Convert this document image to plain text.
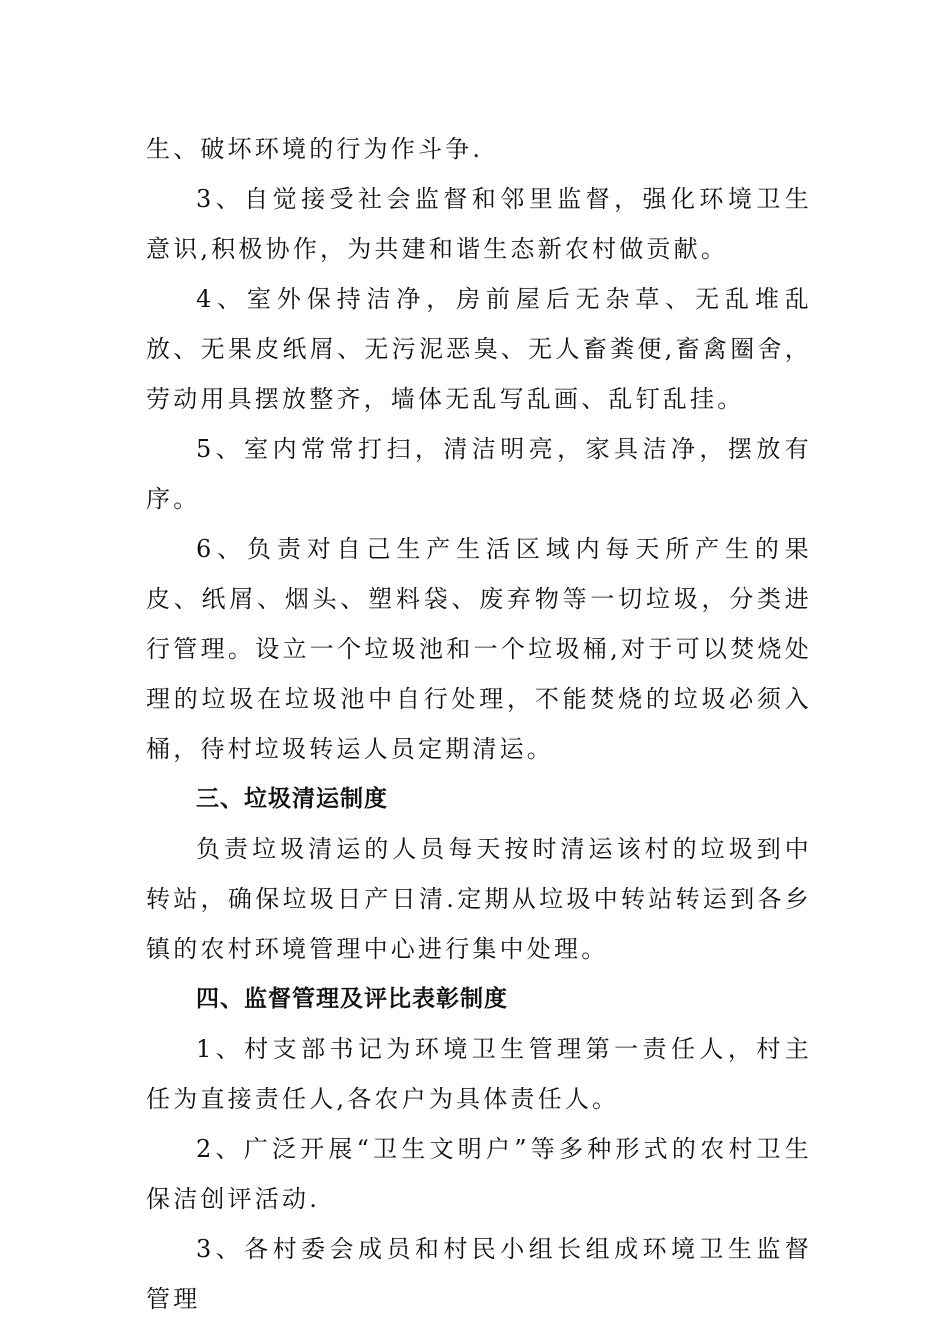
生、破坏环境的行为作斗争.

3、自觉接受社会监督和邻里监督，强化环境卫生意识,积极协作，为共建和谐生态新农村做贡献。

4、室外保持洁净，房前屋后无杂草、无乱堆乱放、无果皮纸屑、无污泥恶臭、无人畜粪便,畜禽圈舍，劳动用具摆放整齐，墙体无乱写乱画、乱钉乱挂。

5、室内常常打扫，清洁明亮，家具洁净，摆放有序。

6、负责对自己生产生活区域内每天所产生的果皮、纸屑、烟头、塑料袋、废弃物等一切垃圾，分类进行管理。设立一个垃圾池和一个垃圾桶,对于可以焚烧处理的垃圾在垃圾池中自行处理，不能焚烧的垃圾必须入桶，待村垃圾转运人员定期清运。

三、垃圾清运制度

负责垃圾清运的人员每天按时清运该村的垃圾到中转站，确保垃圾日产日清.定期从垃圾中转站转运到各乡镇的农村环境管理中心进行集中处理。

四、监督管理及评比表彰制度

1、村支部书记为环境卫生管理第一责任人，村主任为直接责任人,各农户为具体责任人。

2、广泛开展“卫生文明户”等多种形式的农村卫生保洁创评活动.

3、各村委会成员和村民小组长组成环境卫生监督管理
